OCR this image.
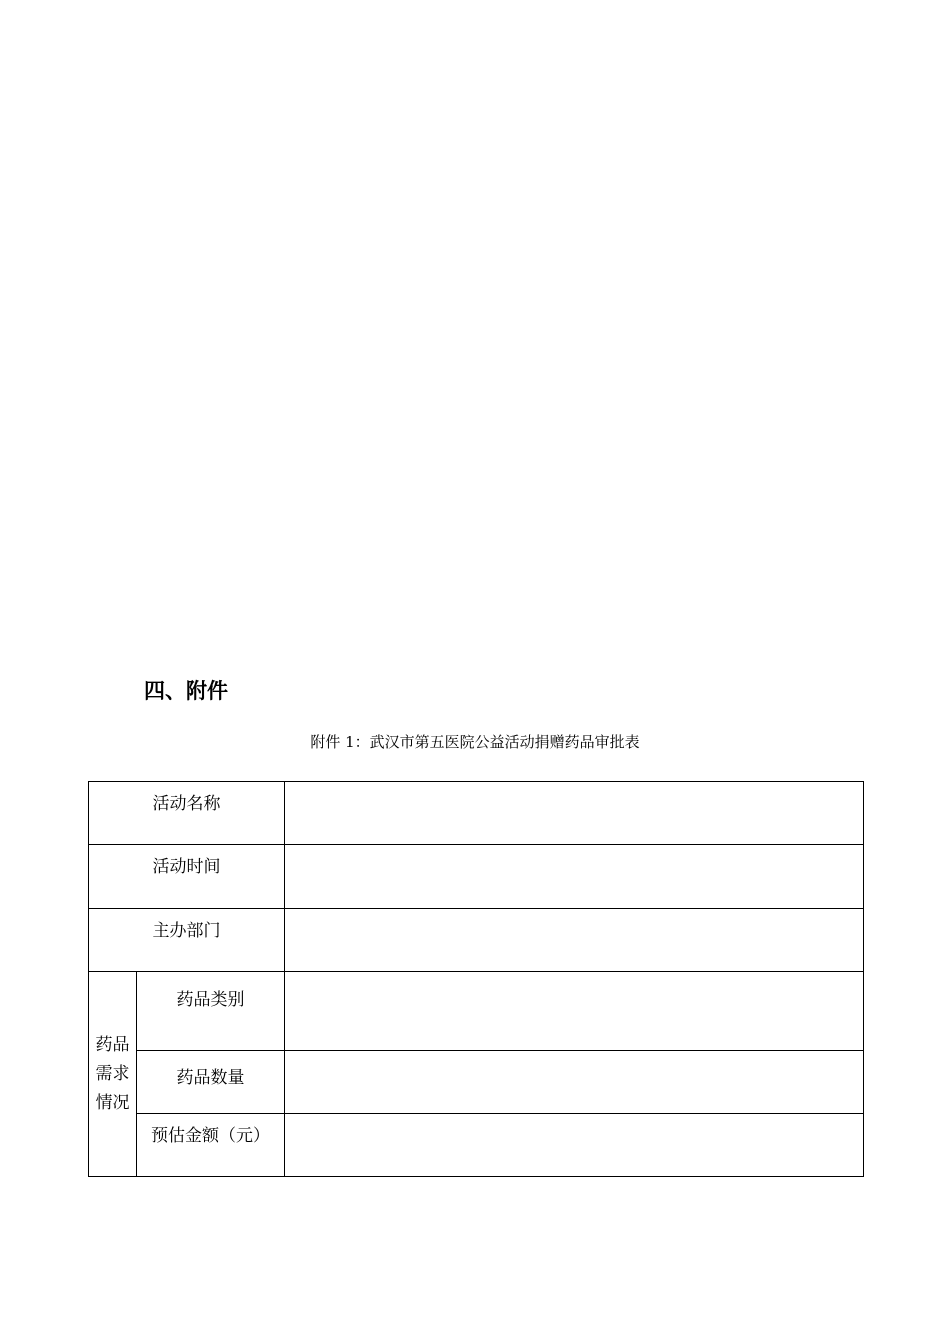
四、附件

附件 1：武汉市第五医院公益活动捐赠药品审批表

活动名称		
活动时间		
主办部门		

药品
需求
情况	药品类别	
	药品数量	
	预估金额（元）	
